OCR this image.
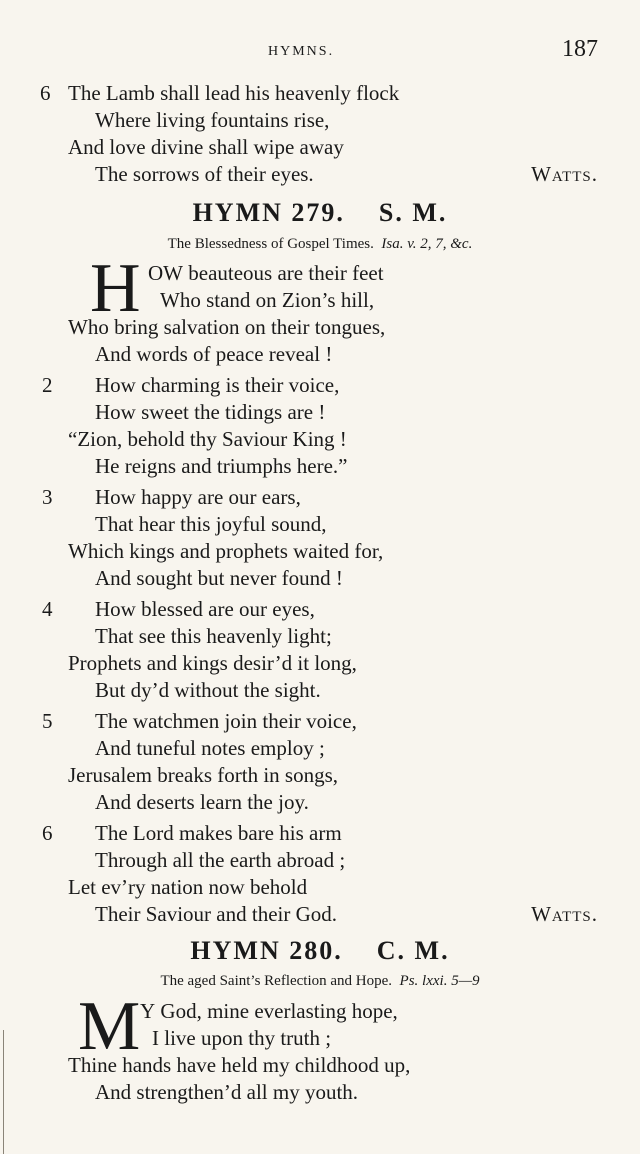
HYMNS.	187
6 The Lamb shall lead his heavenly flock
Where living fountains rise,
And love divine shall wipe away
The sorrows of their eyes.	Watts.
HYMN 279. S. M.
The Blessedness of Gospel Times. Isa. v. 2, 7, &c.
H OW beauteous are their feet
Who stand on Zion’s hill,
Who bring salvation on their tongues,
And words of peace reveal !
2 How charming is their voice,
How sweet the tidings are !
“Zion, behold thy Saviour King !
He reigns and triumphs here.”
3 How happy are our ears,
That hear this joyful sound,
Which kings and prophets waited for,
And sought but never found !
4 How blessed are our eyes,
That see this heavenly light;
Prophets and kings desir’d it long,
But dy’d without the sight.
5 The watchmen join their voice,
And tuneful notes employ ;
Jerusalem breaks forth in songs,
And deserts learn the joy.
6 The Lord makes bare his arm
Through all the earth abroad ;
Let ev’ry nation now behold
Their Saviour and their God.	Watts.
HYMN 280. C. M.
The aged Saint’s Reflection and Hope. Ps. lxxi. 5—9
M Y God, mine everlasting hope,
I live upon thy truth ;
Thine hands have held my childhood up,
And strengthen’d all my youth.
